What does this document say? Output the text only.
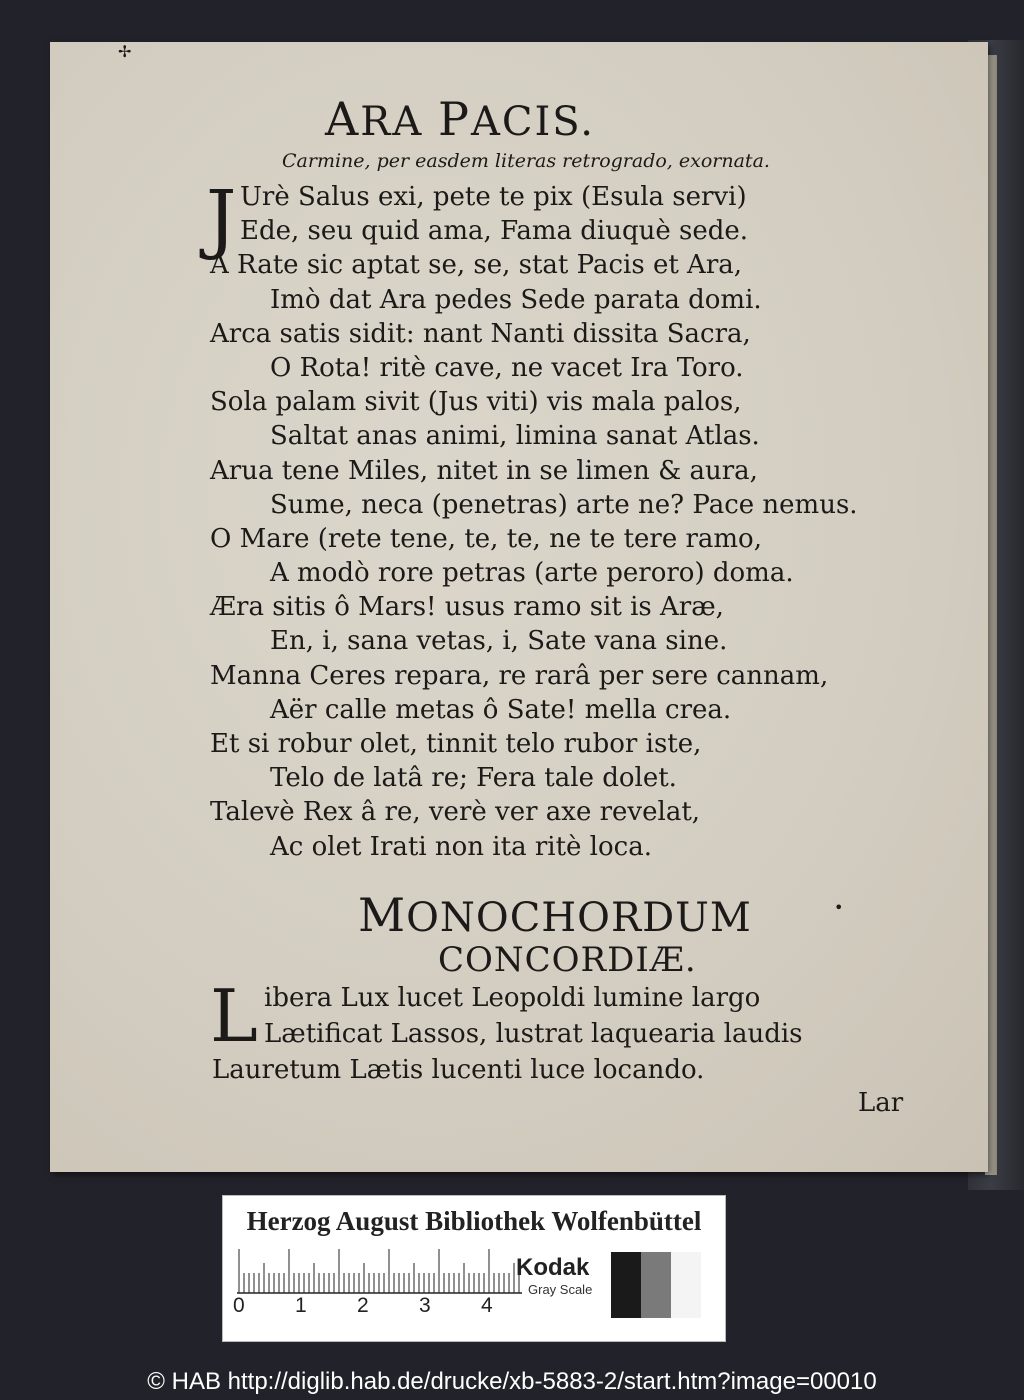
✢
ARA PACIS.
Carmine, per easdem literas retrogrado, exornata.
J Urè Salus exi, pete te pix (Esula servi)
Ede, seu quid ama, Fama diuquè sede.
A Rate sic aptat se, se, stat Pacis et Ara,
Imò dat Ara pedes Sede parata domi.
Arca satis sidit: nant Nanti dissita Sacra,
O Rota! ritè cave, ne vacet Ira Toro.
Sola palam sivit (Jus viti) vis mala palos,
Saltat anas animi, limina sanat Atlas.
Arua tene Miles, nitet in se limen & aura,
Sume, neca (penetras) arte ne? Pace nemus.
O Mare (rete tene, te, te, ne te tere ramo,
A modò rore petras (arte peroro) doma.
Æra sitis ô Mars! usus ramo sit is Aræ,
En, i, sana vetas, i, Sate vana sine.
Manna Ceres repara, re rarâ per sere cannam,
Aër calle metas ô Sate! mella crea.
Et si robur olet, tinnit telo rubor iste,
Telo de latâ re; Fera tale dolet.
Talevè Rex â re, verè ver axe revelat,
Ac olet Irati non ita ritè loca.
•
MONOCHORDUM
CONCORDIÆ.
L ibera Lux lucet Leopoldi lumine largo
Lætificat Lassos, lustrat laquearia laudis
Lauretum Lætis lucenti luce locando.
Lar
Herzog August Bibliothek Wolfenbüttel
0 1 2 3 4
Kodak
Gray Scale
© HAB http://diglib.hab.de/drucke/xb-5883-2/start.htm?image=00010
